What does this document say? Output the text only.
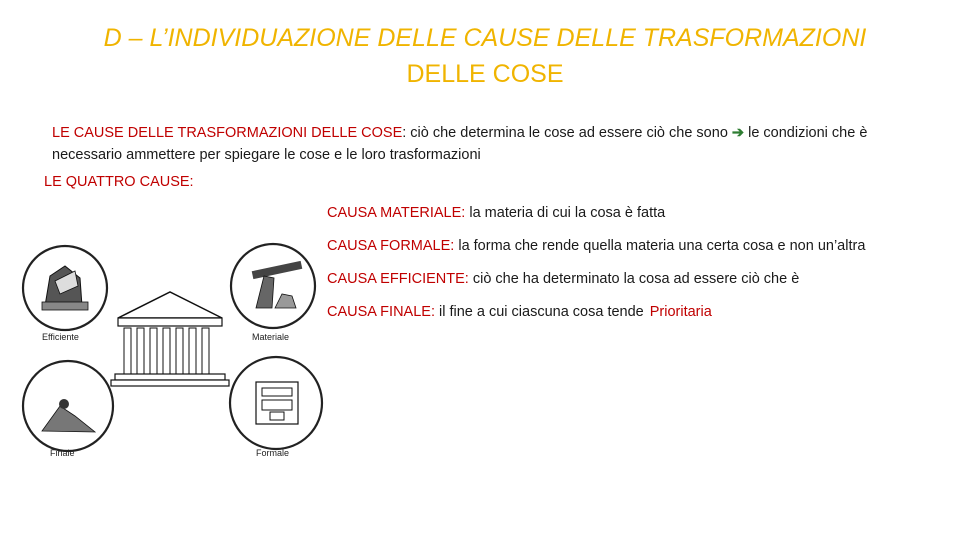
D – L’INDIVIDUAZIONE DELLE CAUSE DELLE TRASFORMAZIONI
DELLE COSE
LE CAUSE DELLE TRASFORMAZIONI DELLE COSE: ciò che determina le cose ad essere ciò che sono ➔ le condizioni che è necessario ammettere per spiegare le cose e le loro trasformazioni
LE QUATTRO CAUSE:
CAUSA MATERIALE: la materia di cui la cosa è fatta
CAUSA FORMALE: la forma che rende quella materia una certa cosa e non un’altra
CAUSA EFFICIENTE: ciò che ha determinato la cosa ad essere ciò che è
CAUSA FINALE: il fine a cui ciascuna cosa tende Prioritaria
Efficiente	Materiale
Finale	Formale
